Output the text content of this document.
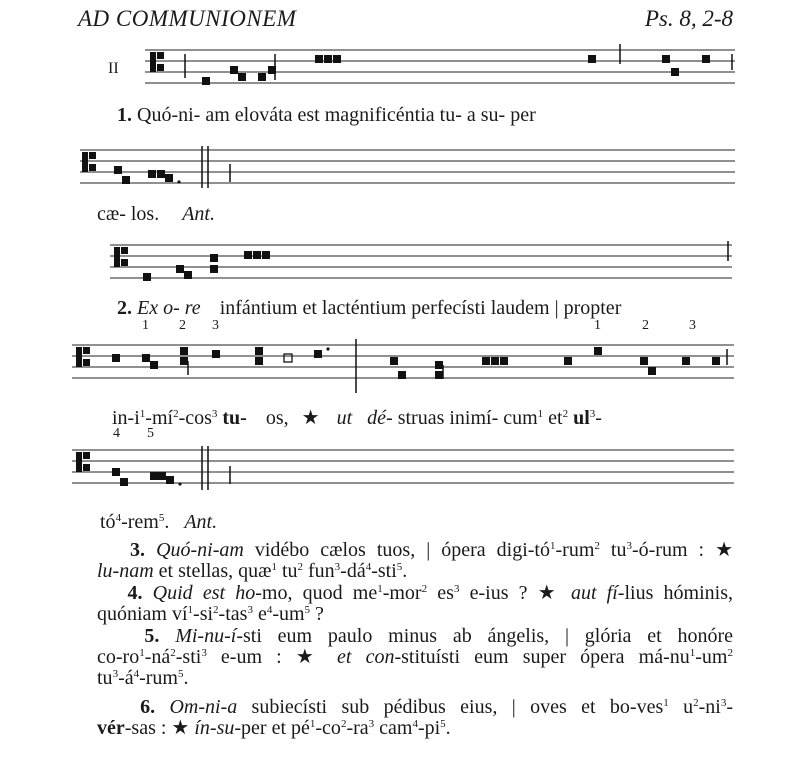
AD COMMUNIONEM	Ps. 8, 2-8
II
1. Quó-ni- am elováta est magnificéntia tu- a su- per
cæ- los. Ant.
2. Ex o- re infántium et lacténtium perfecísti laudem | propter
1 2 3	1	2	3
$in-i^1-mí^2-\cos^3$ tu- os, ★ ut dé- struas inimí- cum$^1$ $et^2$ $ul^3-$
4 5
$tó^4-rem^5$. Ant.
3. Quó-ni-am vidébo cælos tuos, | ópera digi-$tó^1-rum^2$ $tu^3-ó$-rum : ★
lu-nam et stellas, quæ$^1$ $tu^2$ $fun^3-dá^4-sti^5$.
4. Quid est ho-mo, quod $me^1-mor^2$ $es^3$ e-ius ? ★ aut fí-lius hóminis,
quóniam $ví^1-si^2-tas^3$ $e^4-um^5$ ?
5. Mi-nu-í-sti eum paulo minus ab ángelis, | glória et honóre
$co-ro^1-ná^2-sti^3$ e-um : ★ et con-stituísti eum super ópera $má-nu^1-um^2$
$tu^3-á^4-rum^5$.
6. Om-ni-a subiecísti sub pédibus eius, | oves et bo-ves$^1$ $u^2-ni^3-$
vér-sas : ★ ín-su-per et $pé^1-co^2-ra^3$ $cam^4-pi^5$.
